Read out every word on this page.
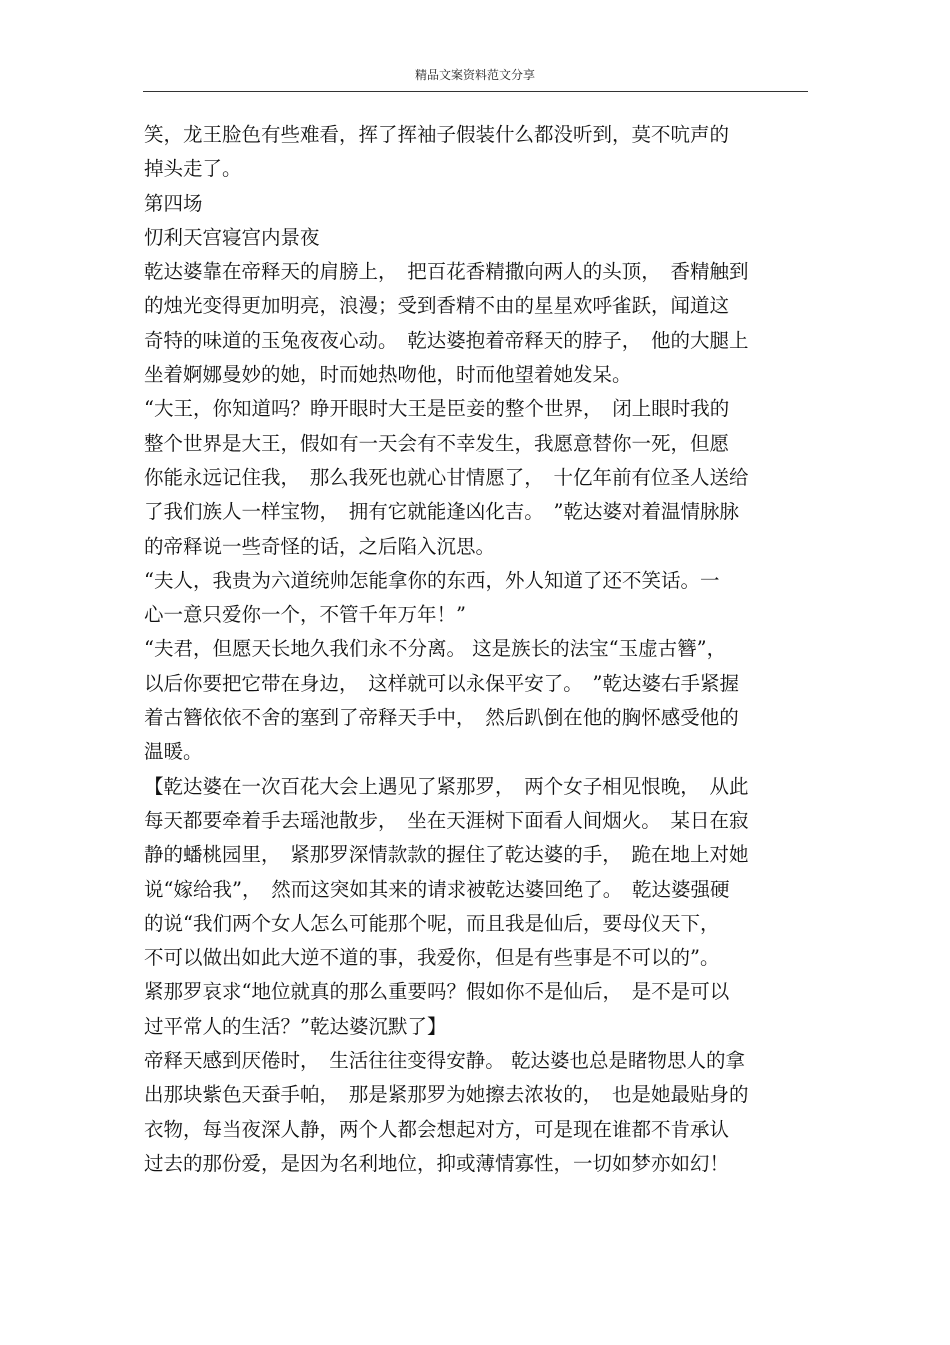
精品文案资料范文分享
笑，龙王脸色有些难看，挥了挥袖子假装什么都没听到，莫不吭声的
掉头走了。
第四场
忉利天宫寝宫内景夜
乾达婆靠在帝释天的肩膀上，　把百花香精撒向两人的头顶，　香精触到
的烛光变得更加明亮，浪漫；受到香精不由的星星欢呼雀跃，闻道这
奇特的味道的玉兔夜夜心动。　乾达婆抱着帝释天的脖子，　他的大腿上
坐着婀娜曼妙的她，时而她热吻他，时而他望着她发呆。
“大王，你知道吗？睁开眼时大王是臣妾的整个世界，　闭上眼时我的
整个世界是大王，假如有一天会有不幸发生，我愿意替你一死，但愿
你能永远记住我，　那么我死也就心甘情愿了，　十亿年前有位圣人送给
了我们族人一样宝物，　拥有它就能逢凶化吉。　”乾达婆对着温情脉脉
的帝释说一些奇怪的话，之后陷入沉思。
“夫人，我贵为六道统帅怎能拿你的东西，外人知道了还不笑话。一
心一意只爱你一个，不管千年万年！”
“夫君，但愿天长地久我们永不分离。 这是族长的法宝“玉虚古簪”，
以后你要把它带在身边，　这样就可以永保平安了。　”乾达婆右手紧握
着古簪依依不舍的塞到了帝释天手中，　然后趴倒在他的胸怀感受他的
温暖。
【乾达婆在一次百花大会上遇见了紧那罗，　两个女子相见恨晚，　从此
每天都要牵着手去瑶池散步，　坐在天涯树下面看人间烟火。　某日在寂
静的蟠桃园里，　紧那罗深情款款的握住了乾达婆的手，　跪在地上对她
说“嫁给我”，　然而这突如其来的请求被乾达婆回绝了。　乾达婆强硬
的说“我们两个女人怎么可能那个呢，而且我是仙后，要母仪天下，
不可以做出如此大逆不道的事，我爱你，但是有些事是不可以的”。
紧那罗哀求“地位就真的那么重要吗？假如你不是仙后，　是不是可以
过平常人的生活？”乾达婆沉默了】
帝释天感到厌倦时，　生活往往变得安静。 乾达婆也总是睹物思人的拿
出那块紫色天蚕手帕，　那是紧那罗为她擦去浓妆的，　也是她最贴身的
衣物，每当夜深人静，两个人都会想起对方，可是现在谁都不肯承认
过去的那份爱，是因为名利地位，抑或薄情寡性，一切如梦亦如幻！
